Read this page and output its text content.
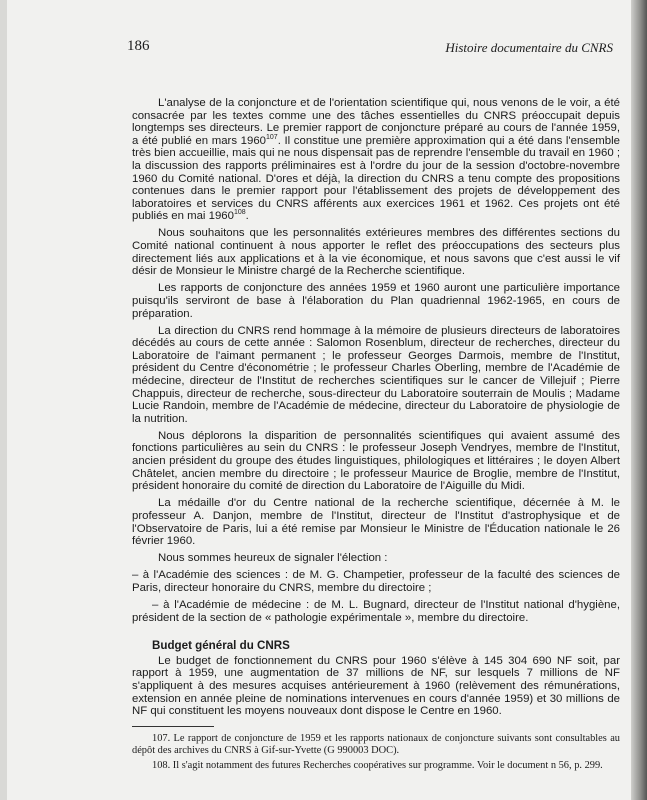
186	Histoire documentaire du CNRS

L'analyse de la conjoncture et de l'orientation scientifique qui, nous venons de le voir, a été consacrée par les textes comme une des tâches essentielles du CNRS préoccupait depuis longtemps ses directeurs. Le premier rapport de conjoncture préparé au cours de l'année 1959, a été publié en mars 1960$^{107}$. Il constitue une première approximation qui a été dans l'ensemble très bien accueillie, mais qui ne nous dispensait pas de reprendre l'ensemble du travail en 1960 ; la discussion des rapports préliminaires est à l'ordre du jour de la session d'octobre-novembre 1960 du Comité national. D'ores et déjà, la direction du CNRS a tenu compte des propositions contenues dans le premier rapport pour l'établissement des projets de développement des laboratoires et services du CNRS afférents aux exercices 1961 et 1962. Ces projets ont été publiés en mai 1960$^{108}$.

Nous souhaitons que les personnalités extérieures membres des différentes sections du Comité national continuent à nous apporter le reflet des préoccupations des secteurs plus directement liés aux applications et à la vie économique, et nous savons que c'est aussi le vif désir de Monsieur le Ministre chargé de la Recherche scientifique.

Les rapports de conjoncture des années 1959 et 1960 auront une particulière importance puisqu'ils serviront de base à l'élaboration du Plan quadriennal 1962-1965, en cours de préparation.

La direction du CNRS rend hommage à la mémoire de plusieurs directeurs de laboratoires décédés au cours de cette année : Salomon Rosenblum, directeur de recherches, directeur du Laboratoire de l'aimant permanent ; le professeur Georges Darmois, membre de l'Institut, président du Centre d'économétrie ; le professeur Charles Oberling, membre de l'Académie de médecine, directeur de l'Institut de recherches scientifiques sur le cancer de Villejuif ; Pierre Chappuis, directeur de recherche, sous-directeur du Laboratoire souterrain de Moulis ; Madame Lucie Randoin, membre de l'Académie de médecine, directeur du Laboratoire de physiologie de la nutrition.

Nous déplorons la disparition de personnalités scientifiques qui avaient assumé des fonctions particulières au sein du CNRS : le professeur Joseph Vendryes, membre de l'Institut, ancien président du groupe des études linguistiques, philologiques et littéraires ; le doyen Albert Châtelet, ancien membre du directoire ; le professeur Maurice de Broglie, membre de l'Institut, président honoraire du comité de direction du Laboratoire de l'Aiguille du Midi.

La médaille d'or du Centre national de la recherche scientifique, décernée à M. le professeur A. Danjon, membre de l'Institut, directeur de l'Institut d'astrophysique et de l'Observatoire de Paris, lui a été remise par Monsieur le Ministre de l'Éducation nationale le 26 février 1960.

Nous sommes heureux de signaler l'élection :

– à l'Académie des sciences : de M. G. Champetier, professeur de la faculté des sciences de Paris, directeur honoraire du CNRS, membre du directoire ;

– à l'Académie de médecine : de M. L. Bugnard, directeur de l'Institut national d'hygiène, président de la section de « pathologie expérimentale », membre du directoire.

Budget général du CNRS

Le budget de fonctionnement du CNRS pour 1960 s'élève à 145 304 690 NF soit, par rapport à 1959, une augmentation de 37 millions de NF, sur lesquels 7 millions de NF s'appliquent à des mesures acquises antérieurement à 1960 (relèvement des rémunérations, extension en année pleine de nominations intervenues en cours d'année 1959) et 30 millions de NF qui constituent les moyens nouveaux dont dispose le Centre en 1960.

107. Le rapport de conjoncture de 1959 et les rapports nationaux de conjoncture suivants sont consultables au dépôt des archives du CNRS à Gif-sur-Yvette (G 990003 DOC).

108. Il s'agit notamment des futures Recherches coopératives sur programme. Voir le document n 56, p. 299.
